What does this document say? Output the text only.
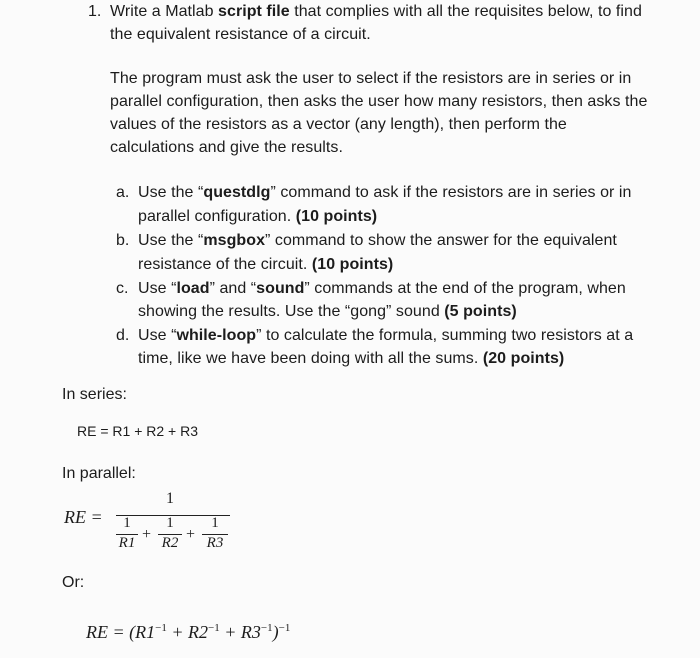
1. Write a Matlab script file that complies with all the requisites below, to find
the equivalent resistance of a circuit.
The program must ask the user to select if the resistors are in series or in
parallel configuration, then asks the user how many resistors, then asks the
values of the resistors as a vector (any length), then perform the
calculations and give the results.
a. Use the “questdlg” command to ask if the resistors are in series or in
parallel configuration. (10 points)
b. Use the “msgbox” command to show the answer for the equivalent
resistance of the circuit. (10 points)
c. Use “load” and “sound” commands at the end of the program, when
showing the results. Use the “gong” sound (5 points)
d. Use “while-loop” to calculate the formula, summing two resistors at a
time, like we have been doing with all the sums. (20 points)
In series:
RE = R1 + R2 + R3
In parallel:
RE =
1
1
R1 +
1
R2 +
1
R3
Or:
RE = $(R1^{-1} + R2^{-1} + R3^{-1})^{-1}$
